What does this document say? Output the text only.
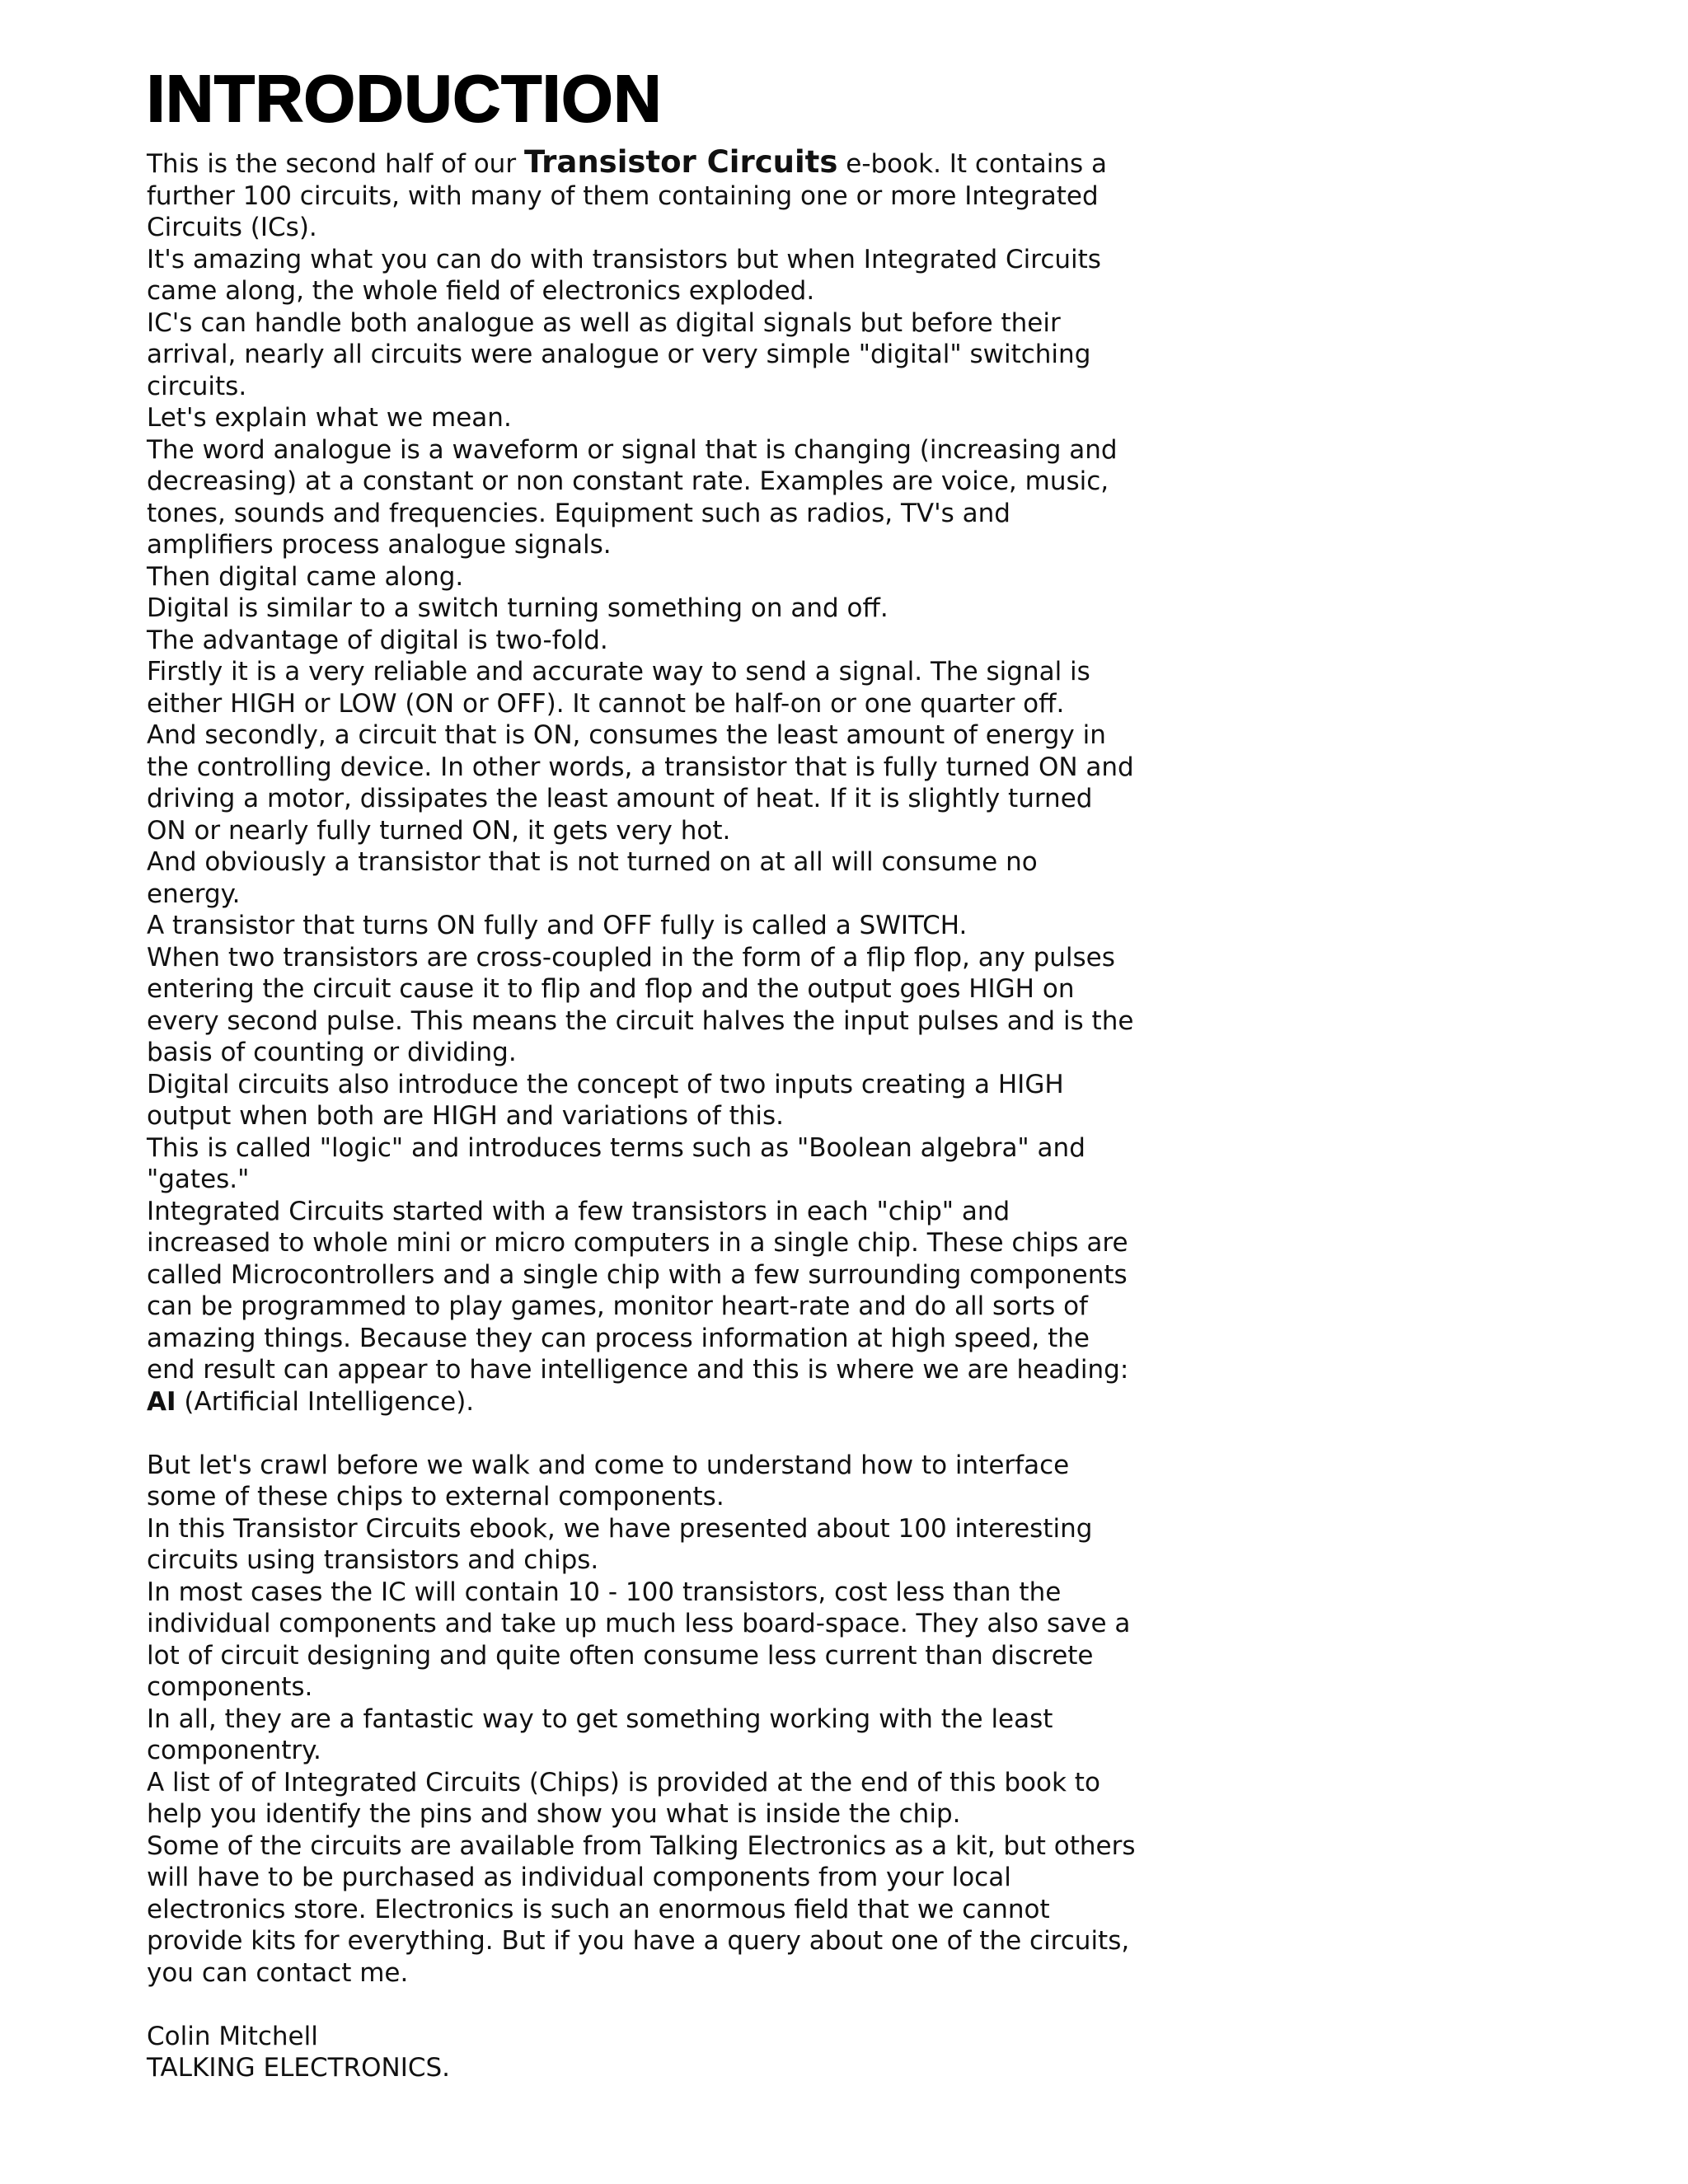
INTRODUCTION

This is the second half of our Transistor Circuits e-book. It contains a further 100 circuits, with many of them containing one or more Integrated Circuits (ICs).

It's amazing what you can do with transistors but when Integrated Circuits came along, the whole field of electronics exploded.

IC's can handle both analogue as well as digital signals but before their arrival, nearly all circuits were analogue or very simple "digital" switching circuits.

Let's explain what we mean.

The word analogue is a waveform or signal that is changing (increasing and decreasing) at a constant or non constant rate. Examples are voice, music, tones, sounds and frequencies. Equipment such as radios, TV's and amplifiers process analogue signals.

Then digital came along.

Digital is similar to a switch turning something on and off.

The advantage of digital is two-fold.

Firstly it is a very reliable and accurate way to send a signal. The signal is either HIGH or LOW (ON or OFF). It cannot be half-on or one quarter off.

And secondly, a circuit that is ON, consumes the least amount of energy in the controlling device. In other words, a transistor that is fully turned ON and driving a motor, dissipates the least amount of heat. If it is slightly turned ON or nearly fully turned ON, it gets very hot.

And obviously a transistor that is not turned on at all will consume no energy.

A transistor that turns ON fully and OFF fully is called a SWITCH.

When two transistors are cross-coupled in the form of a flip flop, any pulses entering the circuit cause it to flip and flop and the output goes HIGH on every second pulse. This means the circuit halves the input pulses and is the basis of counting or dividing.

Digital circuits also introduce the concept of two inputs creating a HIGH output when both are HIGH and variations of this.

This is called "logic" and introduces terms such as "Boolean algebra" and "gates."

Integrated Circuits started with a few transistors in each "chip" and increased to whole mini or micro computers in a single chip. These chips are called Microcontrollers and a single chip with a few surrounding components can be programmed to play games, monitor heart-rate and do all sorts of amazing things. Because they can process information at high speed, the end result can appear to have intelligence and this is where we are heading: AI (Artificial Intelligence).

But let's crawl before we walk and come to understand how to interface some of these chips to external components.

In this Transistor Circuits ebook, we have presented about 100 interesting circuits using transistors and chips.

In most cases the IC will contain 10 - 100 transistors, cost less than the individual components and take up much less board-space. They also save a lot of circuit designing and quite often consume less current than discrete components.

In all, they are a fantastic way to get something working with the least componentry.

A list of of Integrated Circuits (Chips) is provided at the end of this book to help you identify the pins and show you what is inside the chip.

Some of the circuits are available from Talking Electronics as a kit, but others will have to be purchased as individual components from your local electronics store. Electronics is such an enormous field that we cannot provide kits for everything. But if you have a query about one of the circuits, you can contact me.

Colin Mitchell

TALKING ELECTRONICS.
